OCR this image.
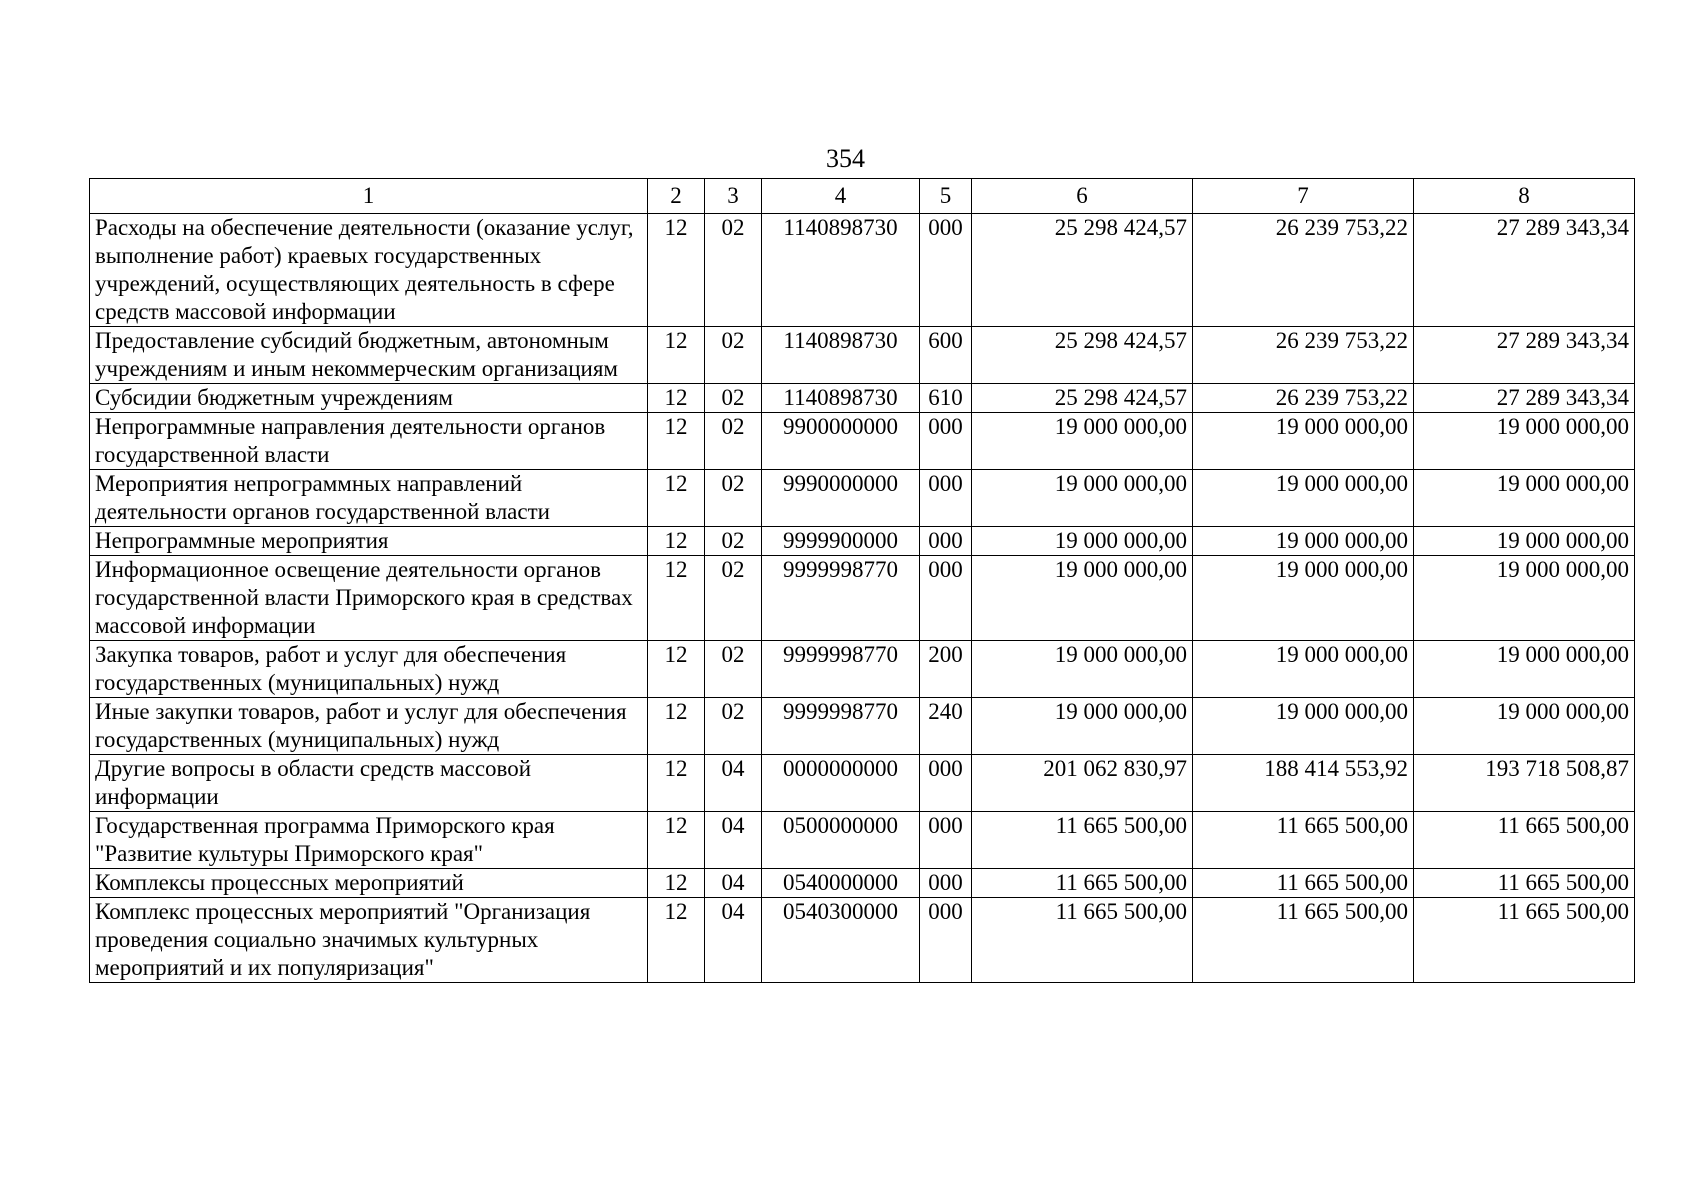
354
1	2	3	4	5	6	7	8
Расходы на обеспечение деятельности (оказание услуг, выполнение работ) краевых государственных учреждений, осуществляющих деятельность в сфере средств массовой информации	12	02	1140898730	000	25 298 424,57	26 239 753,22	27 289 343,34
Предоставление субсидий бюджетным, автономным учреждениям и иным некоммерческим организациям	12	02	1140898730	600	25 298 424,57	26 239 753,22	27 289 343,34
Субсидии бюджетным учреждениям	12	02	1140898730	610	25 298 424,57	26 239 753,22	27 289 343,34
Непрограммные направления деятельности органов государственной власти	12	02	9900000000	000	19 000 000,00	19 000 000,00	19 000 000,00
Мероприятия непрограммных направлений деятельности органов государственной власти	12	02	9990000000	000	19 000 000,00	19 000 000,00	19 000 000,00
Непрограммные мероприятия	12	02	9999900000	000	19 000 000,00	19 000 000,00	19 000 000,00
Информационное освещение деятельности органов государственной власти Приморского края в средствах массовой информации	12	02	9999998770	000	19 000 000,00	19 000 000,00	19 000 000,00
Закупка товаров, работ и услуг для обеспечения государственных (муниципальных) нужд	12	02	9999998770	200	19 000 000,00	19 000 000,00	19 000 000,00
Иные закупки товаров, работ и услуг для обеспечения государственных (муниципальных) нужд	12	02	9999998770	240	19 000 000,00	19 000 000,00	19 000 000,00
Другие вопросы в области средств массовой информации	12	04	0000000000	000	201 062 830,97	188 414 553,92	193 718 508,87
Государственная программа Приморского края "Развитие культуры Приморского края"	12	04	0500000000	000	11 665 500,00	11 665 500,00	11 665 500,00
Комплексы процессных мероприятий	12	04	0540000000	000	11 665 500,00	11 665 500,00	11 665 500,00
Комплекс процессных мероприятий "Организация проведения социально значимых культурных мероприятий и их популяризация"	12	04	0540300000	000	11 665 500,00	11 665 500,00	11 665 500,00
